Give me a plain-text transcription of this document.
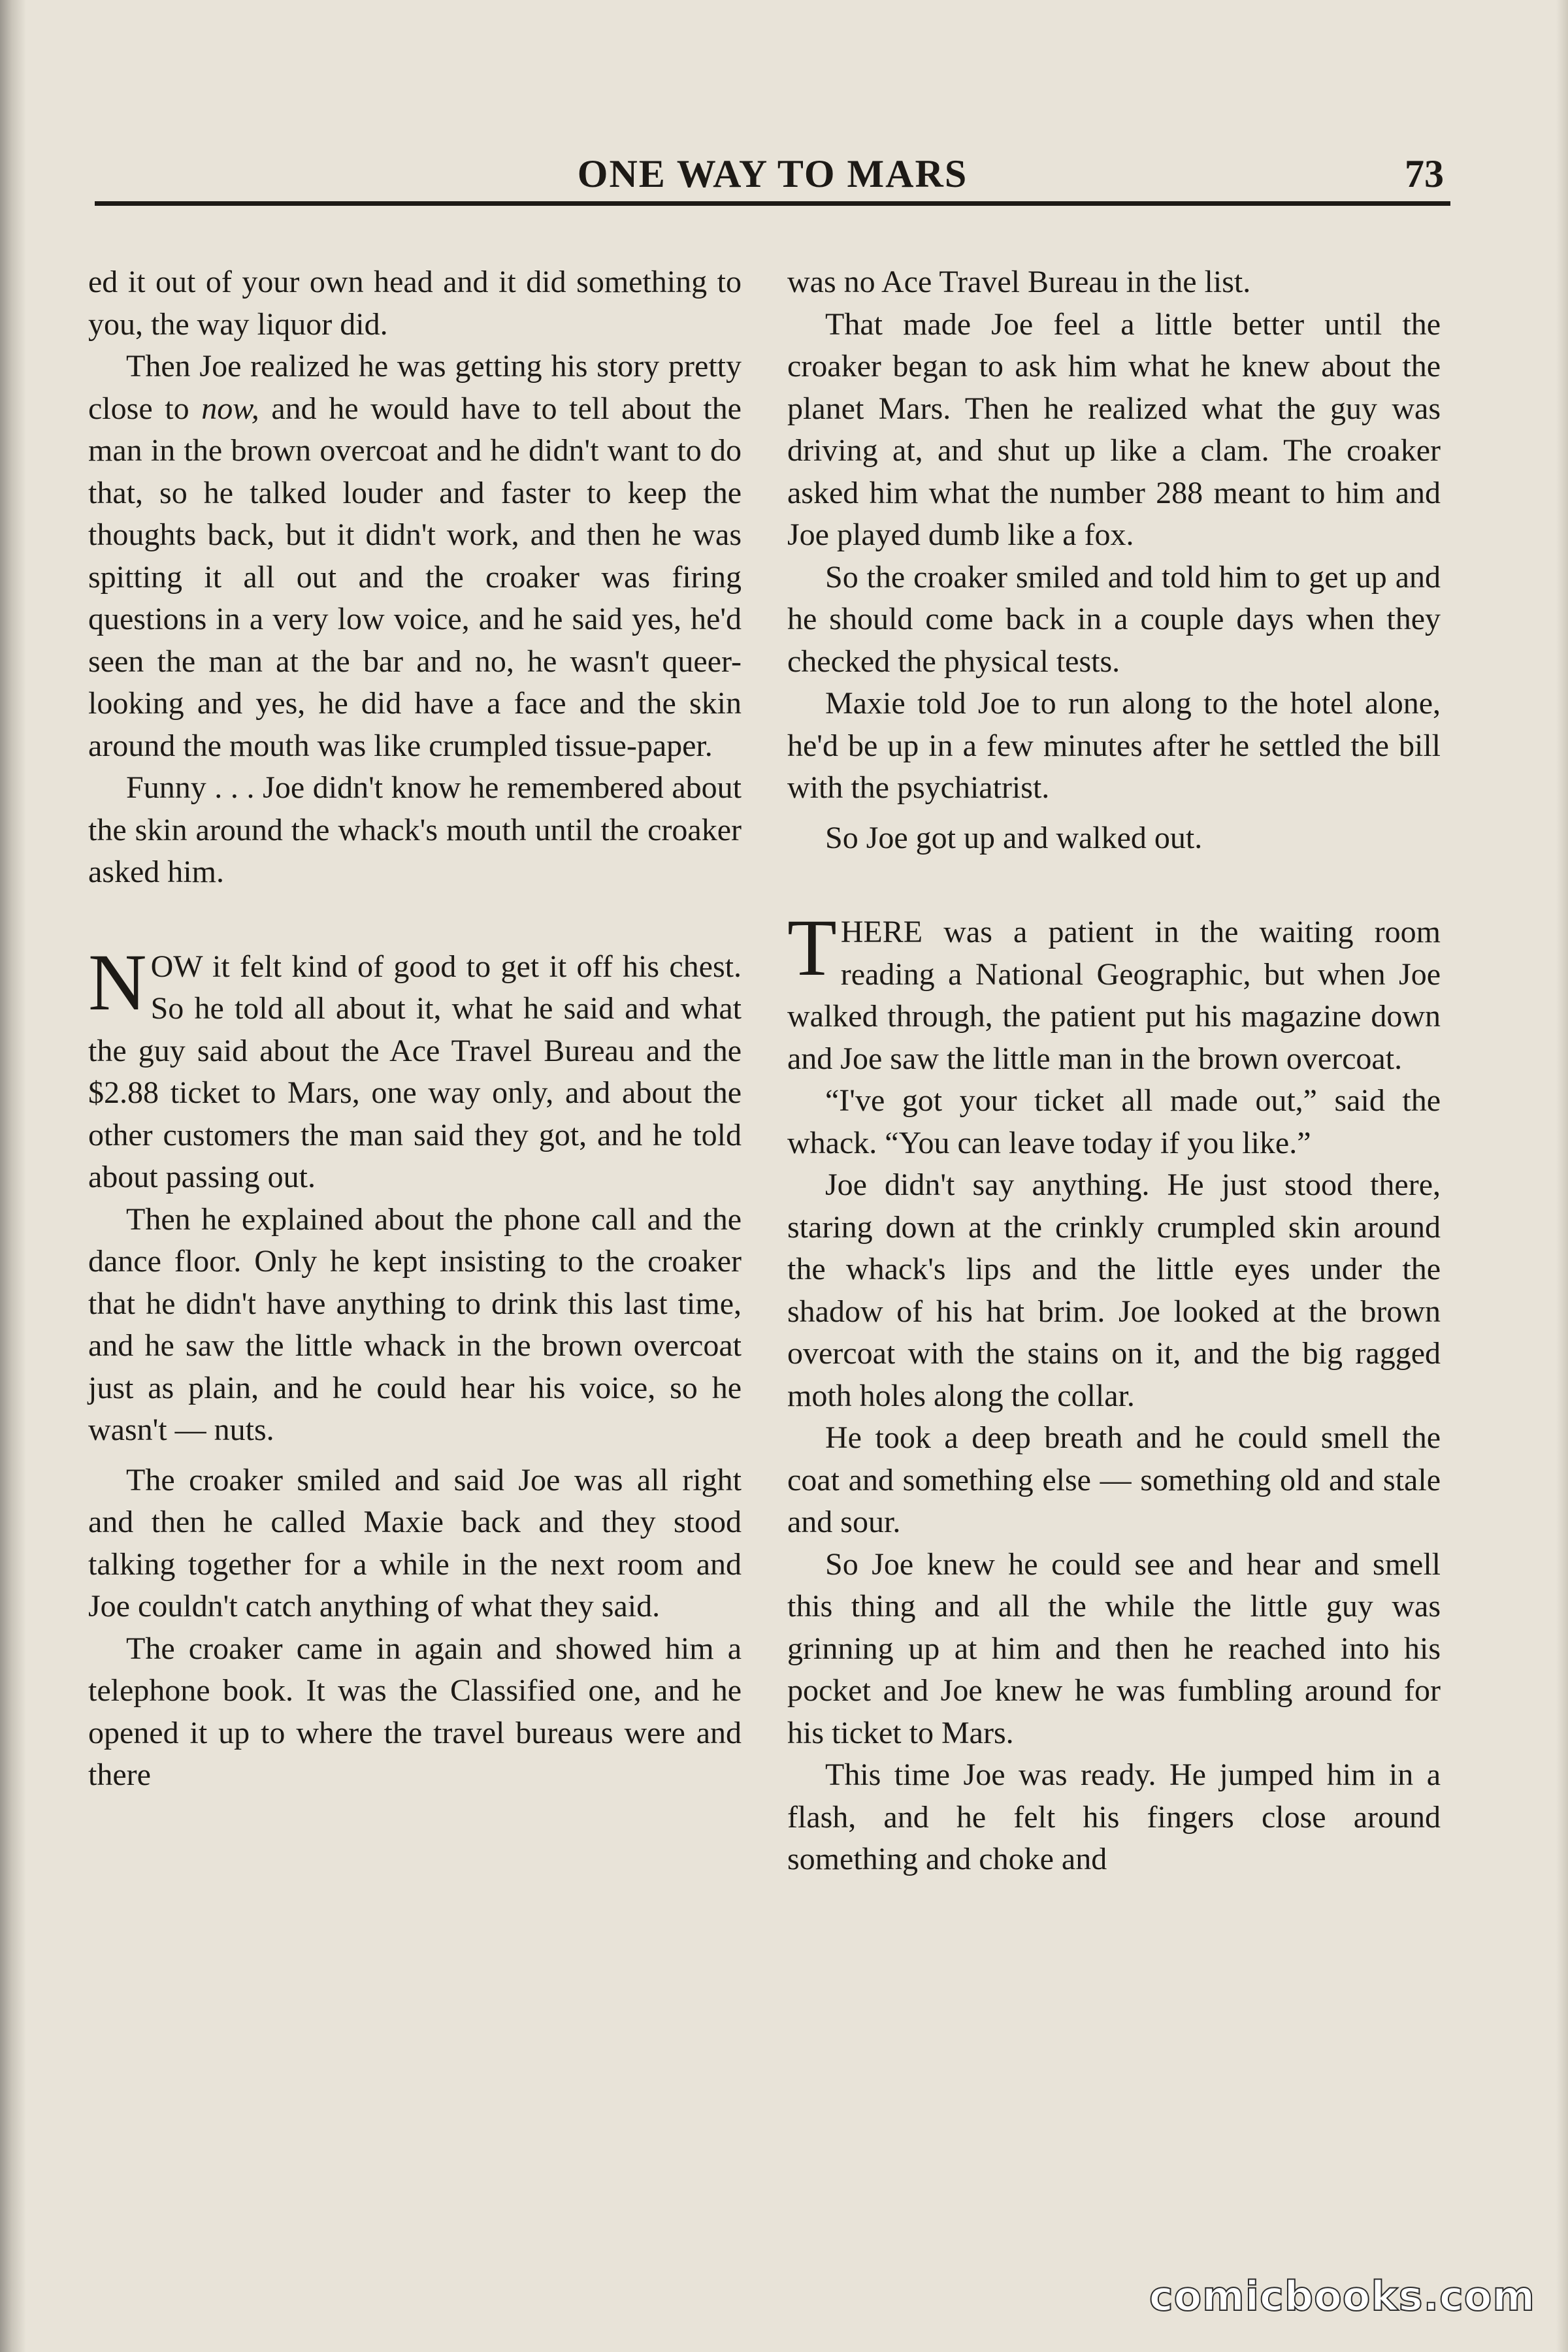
ONE WAY TO MARS	73

ed it out of your own head and it did something to you, the way liquor did.

Then Joe realized he was getting his story pretty close to now, and he would have to tell about the man in the brown overcoat and he didn't want to do that, so he talked louder and faster to keep the thoughts back, but it didn't work, and then he was spitting it all out and the croaker was firing questions in a very low voice, and he said yes, he'd seen the man at the bar and no, he wasn't queer-looking and yes, he did have a face and the skin around the mouth was like crumpled tissue-paper.

Funny . . . Joe didn't know he remembered about the skin around the whack's mouth until the croaker asked him.

NOW it felt kind of good to get it off his chest. So he told all about it, what he said and what the guy said about the Ace Travel Bureau and the $2.88 ticket to Mars, one way only, and about the other customers the man said they got, and he told about passing out.

Then he explained about the phone call and the dance floor. Only he kept insisting to the croaker that he didn't have anything to drink this last time, and he saw the little whack in the brown overcoat just as plain, and he could hear his voice, so he wasn't — nuts.

The croaker smiled and said Joe was all right and then he called Maxie back and they stood talking together for a while in the next room and Joe couldn't catch anything of what they said.

The croaker came in again and showed him a telephone book. It was the Classified one, and he opened it up to where the travel bureaus were and there

was no Ace Travel Bureau in the list.

That made Joe feel a little better until the croaker began to ask him what he knew about the planet Mars. Then he realized what the guy was driving at, and shut up like a clam. The croaker asked him what the number 288 meant to him and Joe played dumb like a fox.

So the croaker smiled and told him to get up and he should come back in a couple days when they checked the physical tests.

Maxie told Joe to run along to the hotel alone, he'd be up in a few minutes after he settled the bill with the psychiatrist.

So Joe got up and walked out.

THERE was a patient in the waiting room reading a National Geographic, but when Joe walked through, the patient put his magazine down and Joe saw the little man in the brown overcoat.

“I've got your ticket all made out,” said the whack. “You can leave today if you like.”

Joe didn't say anything. He just stood there, staring down at the crinkly crumpled skin around the whack's lips and the little eyes under the shadow of his hat brim. Joe looked at the brown overcoat with the stains on it, and the big ragged moth holes along the collar.

He took a deep breath and he could smell the coat and something else — something old and stale and sour.

So Joe knew he could see and hear and smell this thing and all the while the little guy was grinning up at him and then he reached into his pocket and Joe knew he was fumbling around for his ticket to Mars.

This time Joe was ready. He jumped him in a flash, and he felt his fingers close around something and choke and

comicbooks.com
